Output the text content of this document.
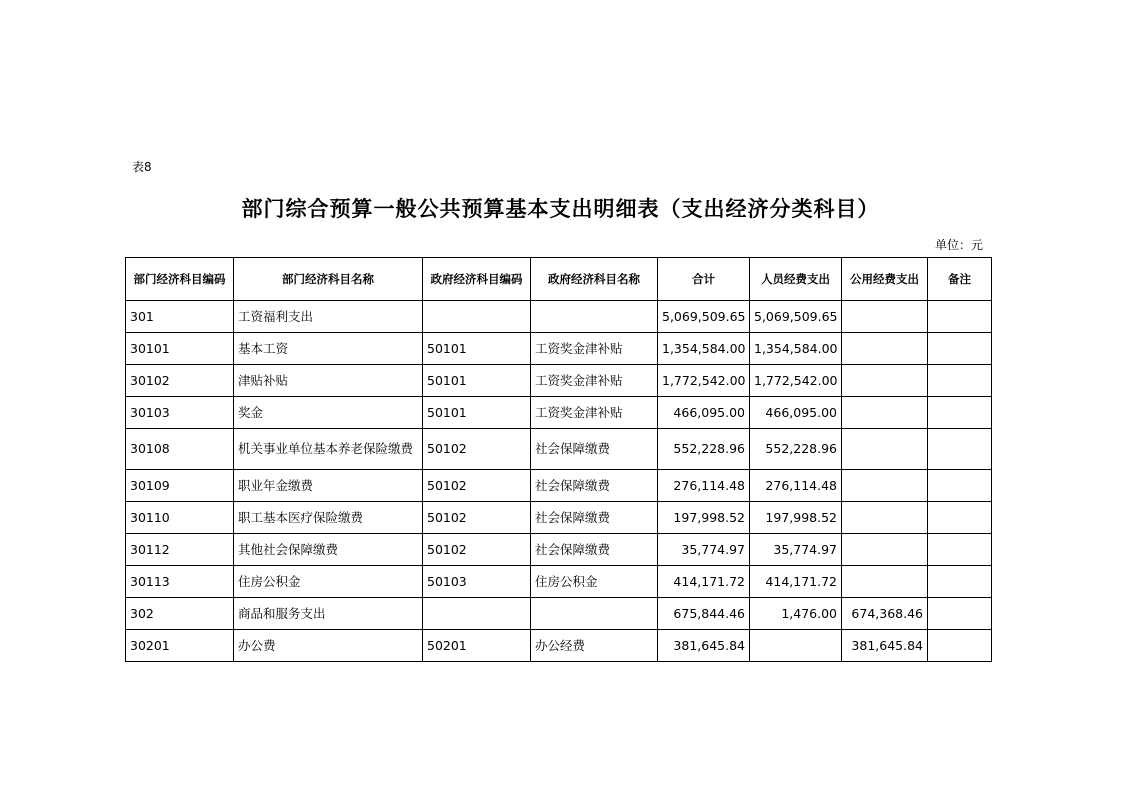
表8
部门综合预算一般公共预算基本支出明细表（支出经济分类科目）
单位：元
部门经济科目编码	部门经济科目名称	政府经济科目编码	政府经济科目名称	合计	人员经费支出	公用经费支出	备注
301	工资福利支出			5,069,509.65	5,069,509.65		
30101	基本工资	50101	工资奖金津补贴	1,354,584.00	1,354,584.00		
30102	津贴补贴	50101	工资奖金津补贴	1,772,542.00	1,772,542.00		
30103	奖金	50101	工资奖金津补贴	466,095.00	466,095.00		
30108	机关事业单位基本养老保险缴费	50102	社会保障缴费	552,228.96	552,228.96		
30109	职业年金缴费	50102	社会保障缴费	276,114.48	276,114.48		
30110	职工基本医疗保险缴费	50102	社会保障缴费	197,998.52	197,998.52		
30112	其他社会保障缴费	50102	社会保障缴费	35,774.97	35,774.97		
30113	住房公积金	50103	住房公积金	414,171.72	414,171.72		
302	商品和服务支出			675,844.46	1,476.00	674,368.46	
30201	办公费	50201	办公经费	381,645.84		381,645.84	
